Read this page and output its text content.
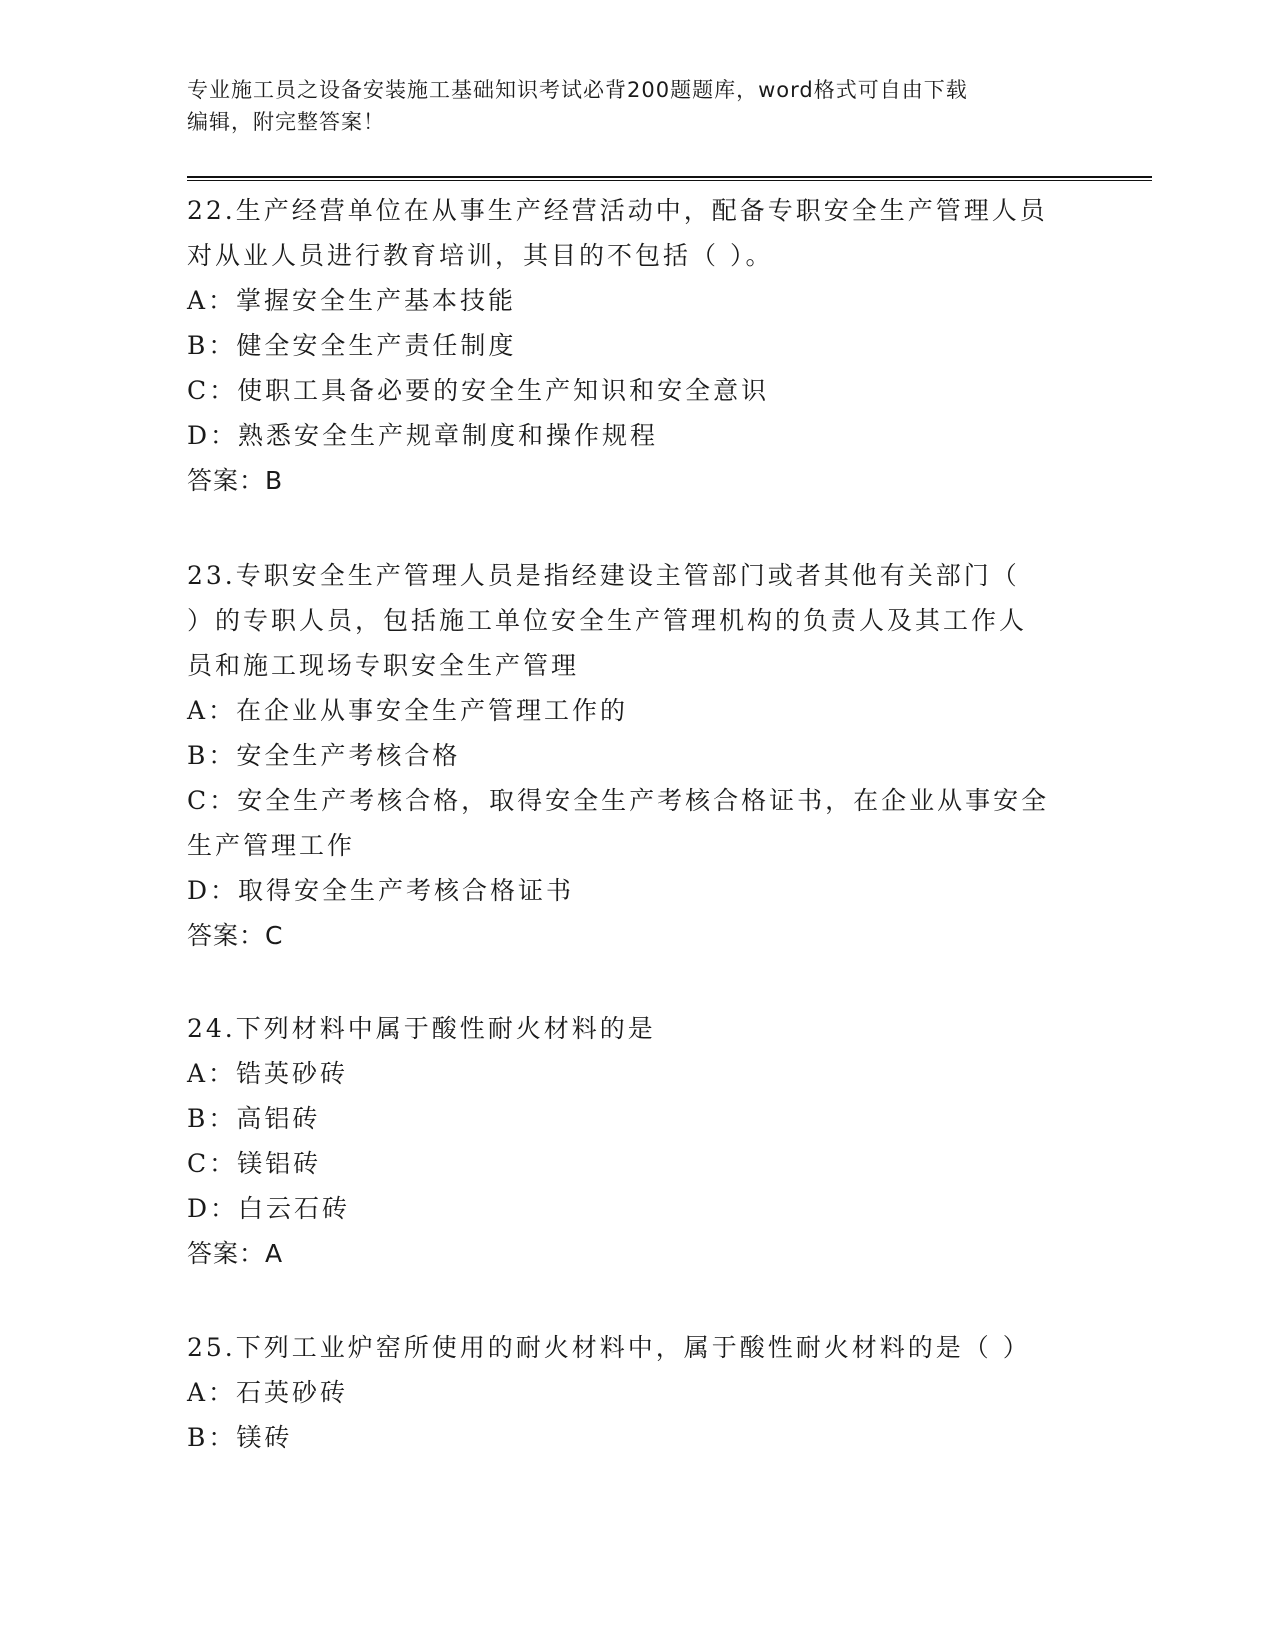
专业施工员之设备安装施工基础知识考试必背200题题库，word格式可自由下载
编辑，附完整答案！
22.生产经营单位在从事生产经营活动中，配备专职安全生产管理人员
对从业人员进行教育培训，其目的不包括（ ）。
A：掌握安全生产基本技能
B：健全安全生产责任制度
C：使职工具备必要的安全生产知识和安全意识
D：熟悉安全生产规章制度和操作规程
答案：B
23.专职安全生产管理人员是指经建设主管部门或者其他有关部门（
）的专职人员，包括施工单位安全生产管理机构的负责人及其工作人
员和施工现场专职安全生产管理
A：在企业从事安全生产管理工作的
B：安全生产考核合格
C：安全生产考核合格，取得安全生产考核合格证书，在企业从事安全
生产管理工作
D：取得安全生产考核合格证书
答案：C
24.下列材料中属于酸性耐火材料的是
A：锆英砂砖
B：高铝砖
C：镁铝砖
D：白云石砖
答案：A
25.下列工业炉窑所使用的耐火材料中，属于酸性耐火材料的是（ ）
A：石英砂砖
B：镁砖
